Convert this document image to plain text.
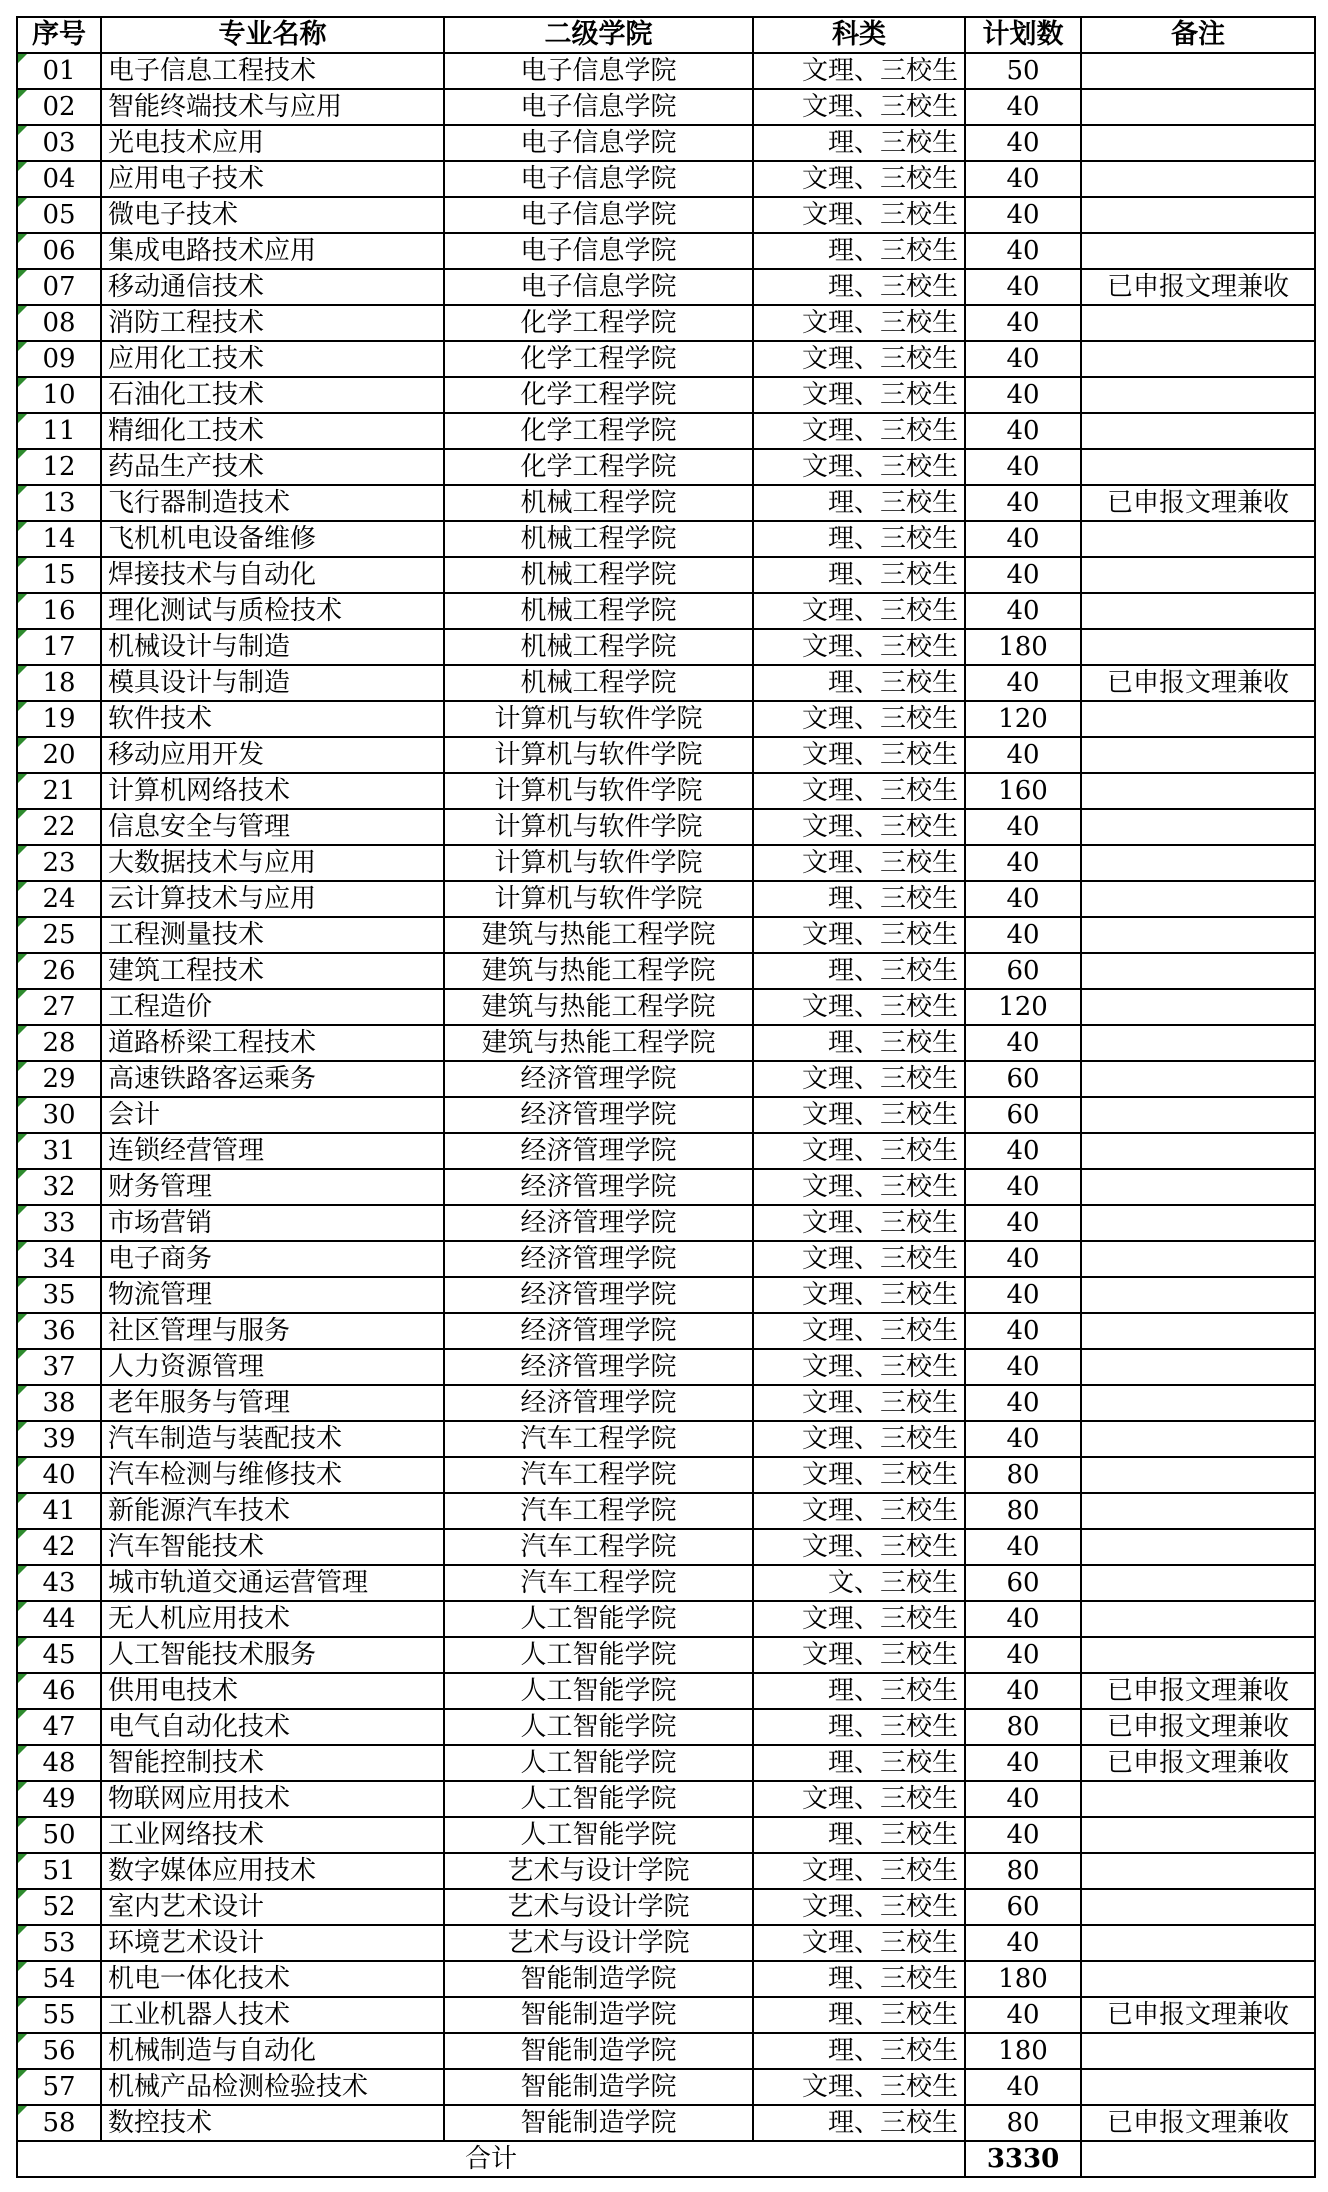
序号	专业名称	二级学院	科类	计划数	备注
01	电子信息工程技术	电子信息学院	文理、三校生	50	
02	智能终端技术与应用	电子信息学院	文理、三校生	40	
03	光电技术应用	电子信息学院	理、三校生	40	
04	应用电子技术	电子信息学院	文理、三校生	40	
05	微电子技术	电子信息学院	文理、三校生	40	
06	集成电路技术应用	电子信息学院	理、三校生	40	
07	移动通信技术	电子信息学院	理、三校生	40	已申报文理兼收
08	消防工程技术	化学工程学院	文理、三校生	40	
09	应用化工技术	化学工程学院	文理、三校生	40	
10	石油化工技术	化学工程学院	文理、三校生	40	
11	精细化工技术	化学工程学院	文理、三校生	40	
12	药品生产技术	化学工程学院	文理、三校生	40	
13	飞行器制造技术	机械工程学院	理、三校生	40	已申报文理兼收
14	飞机机电设备维修	机械工程学院	理、三校生	40	
15	焊接技术与自动化	机械工程学院	理、三校生	40	
16	理化测试与质检技术	机械工程学院	文理、三校生	40	
17	机械设计与制造	机械工程学院	文理、三校生	180	
18	模具设计与制造	机械工程学院	理、三校生	40	已申报文理兼收
19	软件技术	计算机与软件学院	文理、三校生	120	
20	移动应用开发	计算机与软件学院	文理、三校生	40	
21	计算机网络技术	计算机与软件学院	文理、三校生	160	
22	信息安全与管理	计算机与软件学院	文理、三校生	40	
23	大数据技术与应用	计算机与软件学院	文理、三校生	40	
24	云计算技术与应用	计算机与软件学院	理、三校生	40	
25	工程测量技术	建筑与热能工程学院	文理、三校生	40	
26	建筑工程技术	建筑与热能工程学院	理、三校生	60	
27	工程造价	建筑与热能工程学院	文理、三校生	120	
28	道路桥梁工程技术	建筑与热能工程学院	理、三校生	40	
29	高速铁路客运乘务	经济管理学院	文理、三校生	60	
30	会计	经济管理学院	文理、三校生	60	
31	连锁经营管理	经济管理学院	文理、三校生	40	
32	财务管理	经济管理学院	文理、三校生	40	
33	市场营销	经济管理学院	文理、三校生	40	
34	电子商务	经济管理学院	文理、三校生	40	
35	物流管理	经济管理学院	文理、三校生	40	
36	社区管理与服务	经济管理学院	文理、三校生	40	
37	人力资源管理	经济管理学院	文理、三校生	40	
38	老年服务与管理	经济管理学院	文理、三校生	40	
39	汽车制造与装配技术	汽车工程学院	文理、三校生	40	
40	汽车检测与维修技术	汽车工程学院	文理、三校生	80	
41	新能源汽车技术	汽车工程学院	文理、三校生	80	
42	汽车智能技术	汽车工程学院	文理、三校生	40	
43	城市轨道交通运营管理	汽车工程学院	文、三校生	60	
44	无人机应用技术	人工智能学院	文理、三校生	40	
45	人工智能技术服务	人工智能学院	文理、三校生	40	
46	供用电技术	人工智能学院	理、三校生	40	已申报文理兼收
47	电气自动化技术	人工智能学院	理、三校生	80	已申报文理兼收
48	智能控制技术	人工智能学院	理、三校生	40	已申报文理兼收
49	物联网应用技术	人工智能学院	文理、三校生	40	
50	工业网络技术	人工智能学院	理、三校生	40	
51	数字媒体应用技术	艺术与设计学院	文理、三校生	80	
52	室内艺术设计	艺术与设计学院	文理、三校生	60	
53	环境艺术设计	艺术与设计学院	文理、三校生	40	
54	机电一体化技术	智能制造学院	理、三校生	180	
55	工业机器人技术	智能制造学院	理、三校生	40	已申报文理兼收
56	机械制造与自动化	智能制造学院	理、三校生	180	
57	机械产品检测检验技术	智能制造学院	文理、三校生	40	
58	数控技术	智能制造学院	理、三校生	80	已申报文理兼收
合计				3330	
